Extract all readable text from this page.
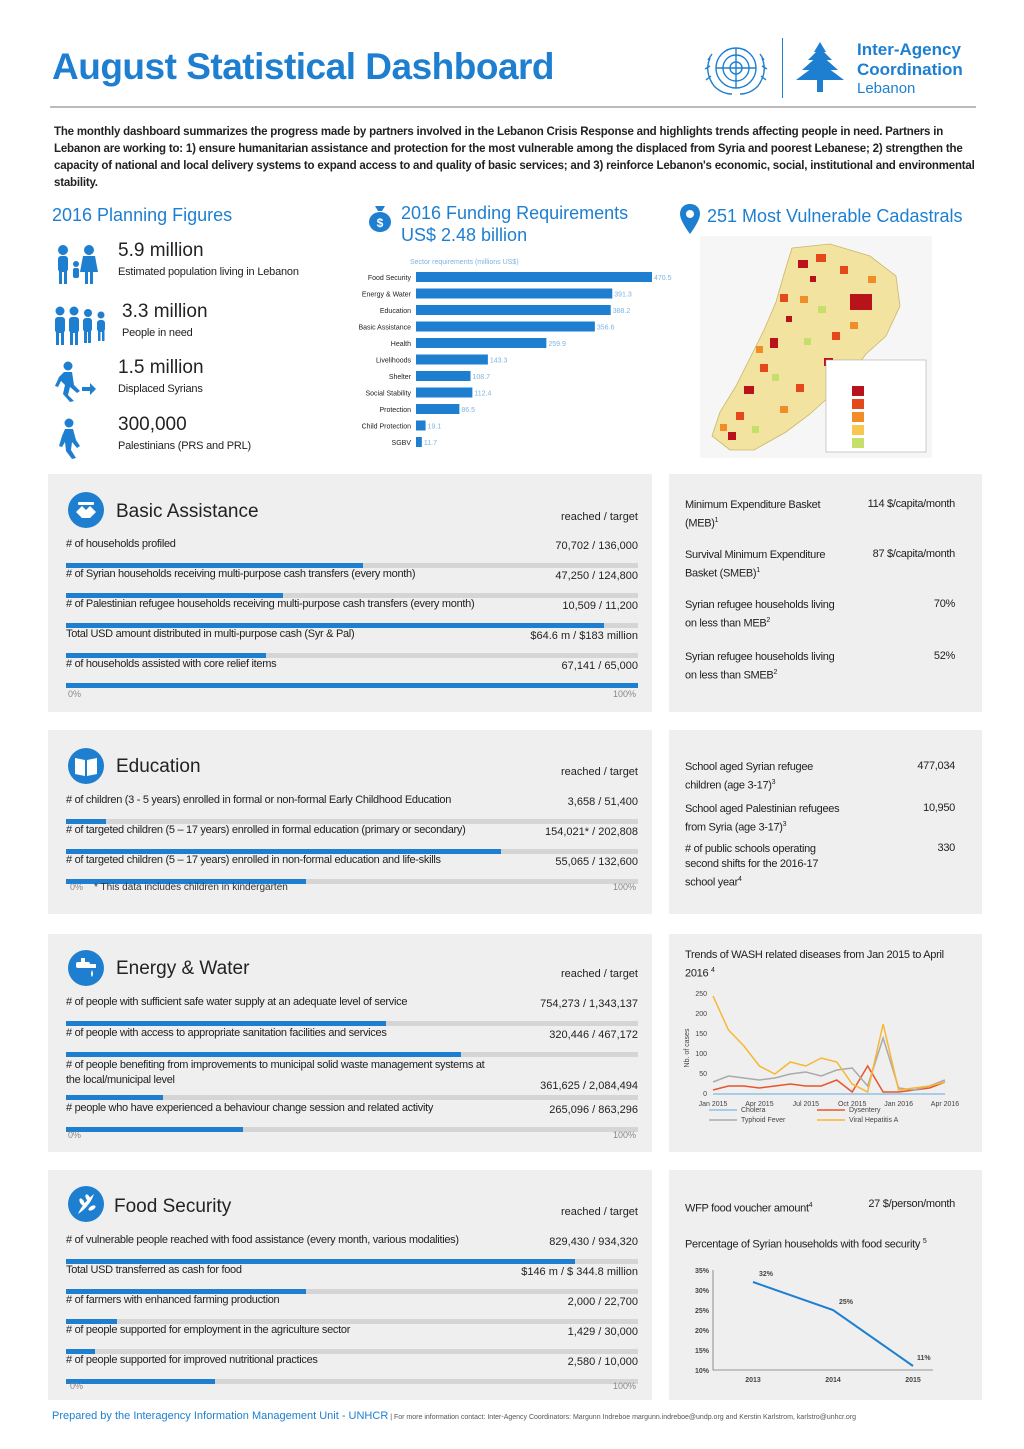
August Statistical Dashboard	Inter-Agency
Coordination
Lebanon
The monthly dashboard summarizes the progress made by partners involved in the Lebanon Crisis Response and highlights trends affecting people in need. Partners in Lebanon are working to: 1) ensure humanitarian assistance and protection for the most vulnerable among the displaced from Syria and poorest Lebanese; 2) strengthen the capacity of national and local delivery systems to expand access to and quality of basic services; and 3) reinforce Lebanon's economic, social, institutional and environmental stability.
2016 Planning Figures
5.9 million
Estimated population living in Lebanon
3.3 million
People in need
1.5 million
Displaced Syrians
300,000
Palestinians (PRS and PRL)
$ 2016 Funding Requirements
US$ 2.48 billion
Sector requirements (millions US$)
Food Security	470.5
Energy & Water	391.3
Education	388.2
Basic Assistance	356.6
Health	259.9
Livelihoods	143.3
Shelter	108.7
Social Stability	112.4
Protection	86.5
Child Protection 19.1
SGBV 11.7
251 Most Vulnerable Cadastrals
Basic Assistance	reached / target
# of households profiled	70,702 / 136,000
# of Syrian households receiving multi-purpose cash transfers (every month)	47,250 / 124,800
# of Palestinian refugee households receiving multi-purpose cash transfers (every month)	10,509 / 11,200
Total USD amount distributed in multi-purpose cash (Syr & Pal)	$64.6 m / $183 million
# of households assisted with core relief items	67,141 / 65,000
0%	100%
Minimum Expenditure Basket (MEB)$^1$
114 $/capita/month
Survival Minimum Expenditure Basket (SMEB)$^1$
87 $/capita/month
Syrian refugee households living on less than MEB$^2$
70%
Syrian refugee households living on less than SMEB$^2$
52%
Education	reached / target
# of children (3 - 5 years) enrolled in formal or non-formal Early Childhood Education	3,658 / 51,400
# of targeted children (5 – 17 years) enrolled in formal education (primary or secondary)	154,021* / 202,808
# of targeted children (5 – 17 years) enrolled in non-formal education and life-skills	55,065 / 132,600
0% * This data includes children in kindergarten	100%
School aged Syrian refugee children (age 3-17)$^3$
477,034
School aged Palestinian refugees from Syria (age 3-17)$^3$
10,950
# of public schools operating second shifts for the 2016-17 school year$^4$
330
Energy & Water	reached / target
# of people with sufficient safe water supply at an adequate level of service	754,273 / 1,343,137
# of people with access to appropriate sanitation facilities and services	320,446 / 467,172
# of people benefiting from improvements to municipal solid waste management systems at the local/municipal level	361,625 / 2,084,494
# people who have experienced a behaviour change session and related activity	265,096 / 863,296
0%	100%
Trends of WASH related diseases from Jan 2015 to April 2016 $^4$
0
50
100
150
200
250
Nb. of cases
Jan 2015	Apr 2015	Jul 2015	Oct 2015	Jan 2016	Apr 2016
Cholera	Dysentery
Typhoid Fever	Viral Hepatitis A
Food Security	reached / target
# of vulnerable people reached with food assistance (every month, various modalities)	829,430 / 934,320
Total USD transferred as cash for food	$146 m / $ 344.8 million
# of farmers with enhanced farming production	2,000 / 22,700
# of people supported for employment in the agriculture sector	1,429 / 30,000
# of people supported for improved nutritional practices	2,580 / 10,000
0%	100%
WFP food voucher amount$^4$	27 $/person/month
Percentage of Syrian households with food security $^5$
35%
30%
25%
20%
15%
10%
2013	2014	2015
32%
25%
11%
Prepared by the Interagency Information Management Unit - UNHCR | For more information contact: Inter-Agency Coordinators: Margunn Indreboe margunn.indreboe@undp.org and Kerstin Karlstrom, karlstro@unhcr.org
